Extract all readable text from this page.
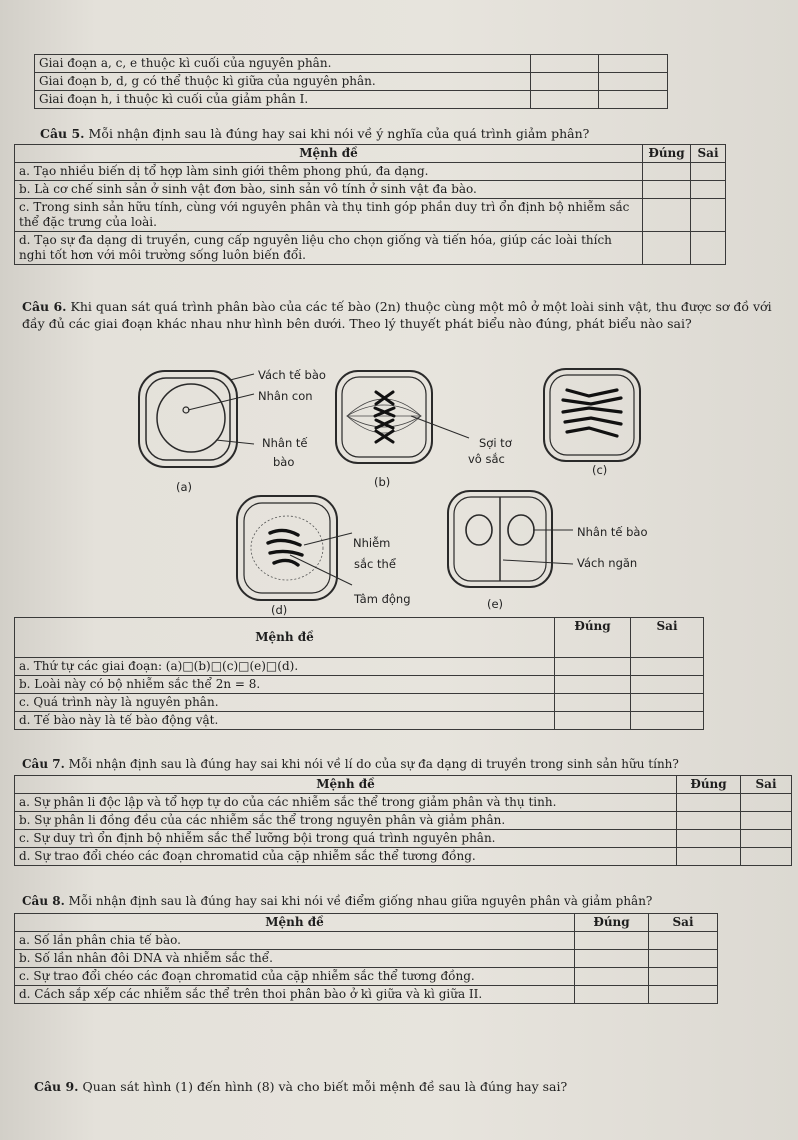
Giai đoạn a, c, e thuộc kì cuối của nguyên phân.		
Giai đoạn b, d, g có thể thuộc kì giữa của nguyên phân.		
Giai đoạn h, i thuộc kì cuối của giảm phân I.		
Câu 5. Mỗi nhận định sau là đúng hay sai khi nói về ý nghĩa của quá trình giảm phân?
Mệnh đề	Đúng	Sai
a. Tạo nhiều biến dị tổ hợp làm sinh giới thêm phong phú, đa dạng.		
b. Là cơ chế sinh sản ở sinh vật đơn bào, sinh sản vô tính ở sinh vật đa bào.		
c. Trong sinh sản hữu tính, cùng với nguyên phân và thụ tinh góp phần duy trì ổn định bộ nhiễm sắc thể đặc trưng của loài.		
d. Tạo sự đa dạng di truyền, cung cấp nguyên liệu cho chọn giống và tiến hóa, giúp các loài thích nghi tốt hơn với môi trường sống luôn biến đổi.		
Câu 6. Khi quan sát quá trình phân bào của các tế bào (2n) thuộc cùng một mô ở một loài sinh vật, thu được sơ đồ với đầy đủ các giai đoạn khác nhau như hình bên dưới. Theo lý thuyết phát biểu nào đúng, phát biểu nào sai?
Vách tế bào
Nhân con
Nhân tế
bào
(a)
Sợi tơ
vô sắc
(b)
(c)
Nhiễm
sắc thể
Tâm động
(d)
Nhân tế bào
Vách ngăn
(e)
Mệnh đề	Đúng	Sai
a. Thứ tự các giai đoạn: (a)□(b)□(c)□(e)□(d).		
b. Loài này có bộ nhiễm sắc thể 2n = 8.		
c. Quá trình này là nguyên phân.		
d. Tế bào này là tế bào động vật.		
Câu 7. Mỗi nhận định sau là đúng hay sai khi nói về lí do của sự đa dạng di truyền trong sinh sản hữu tính?
Mệnh đề	Đúng	Sai
a. Sự phân li độc lập và tổ hợp tự do của các nhiễm sắc thể trong giảm phân và thụ tinh.		
b. Sự phân li đồng đều của các nhiễm sắc thể trong nguyên phân và giảm phân.		
c. Sự duy trì ổn định bộ nhiễm sắc thể lưỡng bội trong quá trình nguyên phân.		
d. Sự trao đổi chéo các đoạn chromatid của cặp nhiễm sắc thể tương đồng.		
Câu 8. Mỗi nhận định sau là đúng hay sai khi nói về điểm giống nhau giữa nguyên phân và giảm phân?
Mệnh đề	Đúng	Sai
a. Số lần phân chia tế bào.		
b. Số lần nhân đôi DNA và nhiễm sắc thể.		
c. Sự trao đổi chéo các đoạn chromatid của cặp nhiễm sắc thể tương đồng.		
d. Cách sắp xếp các nhiễm sắc thể trên thoi phân bào ở kì giữa và kì giữa II.		
Câu 9. Quan sát hình (1) đến hình (8) và cho biết mỗi mệnh đề sau là đúng hay sai?
